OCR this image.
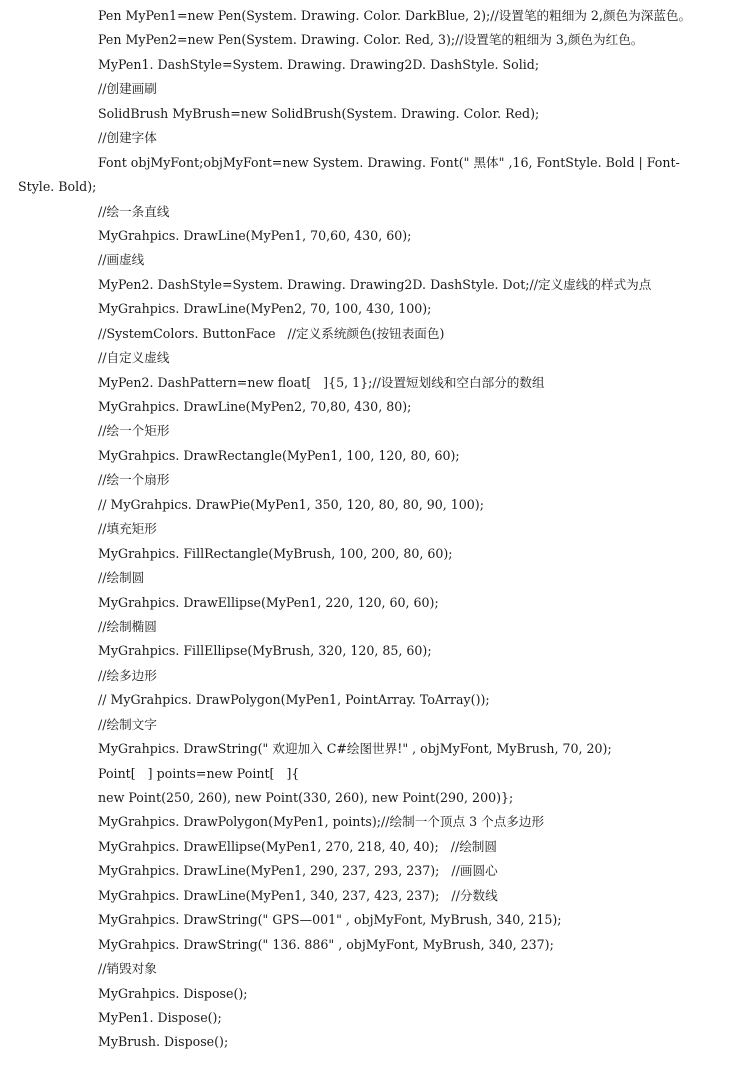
Pen MyPen1=new Pen(System. Drawing. Color. DarkBlue, 2);//设置笔的粗细为 2,颜色为深蓝色。
Pen MyPen2=new Pen(System. Drawing. Color. Red, 3);//设置笔的粗细为 3,颜色为红色。
MyPen1. DashStyle=System. Drawing. Drawing2D. DashStyle. Solid;
//创建画刷
SolidBrush MyBrush=new SolidBrush(System. Drawing. Color. Red);
//创建字体
Font objMyFont;objMyFont=new System. Drawing. Font(" 黑体" ,16, FontStyle. Bold | Font-
Style. Bold);
//绘一条直线
MyGrahpics. DrawLine(MyPen1, 70,60, 430, 60);
//画虚线
MyPen2. DashStyle=System. Drawing. Drawing2D. DashStyle. Dot;//定义虚线的样式为点
MyGrahpics. DrawLine(MyPen2, 70, 100, 430, 100);
//SystemColors. ButtonFace   //定义系统颜色(按钮表面色)
//自定义虚线
MyPen2. DashPattern=new float[   ]{5, 1};//设置短划线和空白部分的数组
MyGrahpics. DrawLine(MyPen2, 70,80, 430, 80);
//绘一个矩形
MyGrahpics. DrawRectangle(MyPen1, 100, 120, 80, 60);
//绘一个扇形
// MyGrahpics. DrawPie(MyPen1, 350, 120, 80, 80, 90, 100);
//填充矩形
MyGrahpics. FillRectangle(MyBrush, 100, 200, 80, 60);
//绘制圆
MyGrahpics. DrawEllipse(MyPen1, 220, 120, 60, 60);
//绘制椭圆
MyGrahpics. FillEllipse(MyBrush, 320, 120, 85, 60);
//绘多边形
// MyGrahpics. DrawPolygon(MyPen1, PointArray. ToArray());
//绘制文字
MyGrahpics. DrawString(" 欢迎加入 C#绘图世界!" , objMyFont, MyBrush, 70, 20);
Point[   ] points=new Point[   ]{
new Point(250, 260), new Point(330, 260), new Point(290, 200)};
MyGrahpics. DrawPolygon(MyPen1, points);//绘制一个顶点 3 个点多边形
MyGrahpics. DrawEllipse(MyPen1, 270, 218, 40, 40);   //绘制圆
MyGrahpics. DrawLine(MyPen1, 290, 237, 293, 237);   //画圆心
MyGrahpics. DrawLine(MyPen1, 340, 237, 423, 237);   //分数线
MyGrahpics. DrawString(" GPS—001" , objMyFont, MyBrush, 340, 215);
MyGrahpics. DrawString(" 136. 886" , objMyFont, MyBrush, 340, 237);
//销毁对象
MyGrahpics. Dispose();
MyPen1. Dispose();
MyBrush. Dispose();
